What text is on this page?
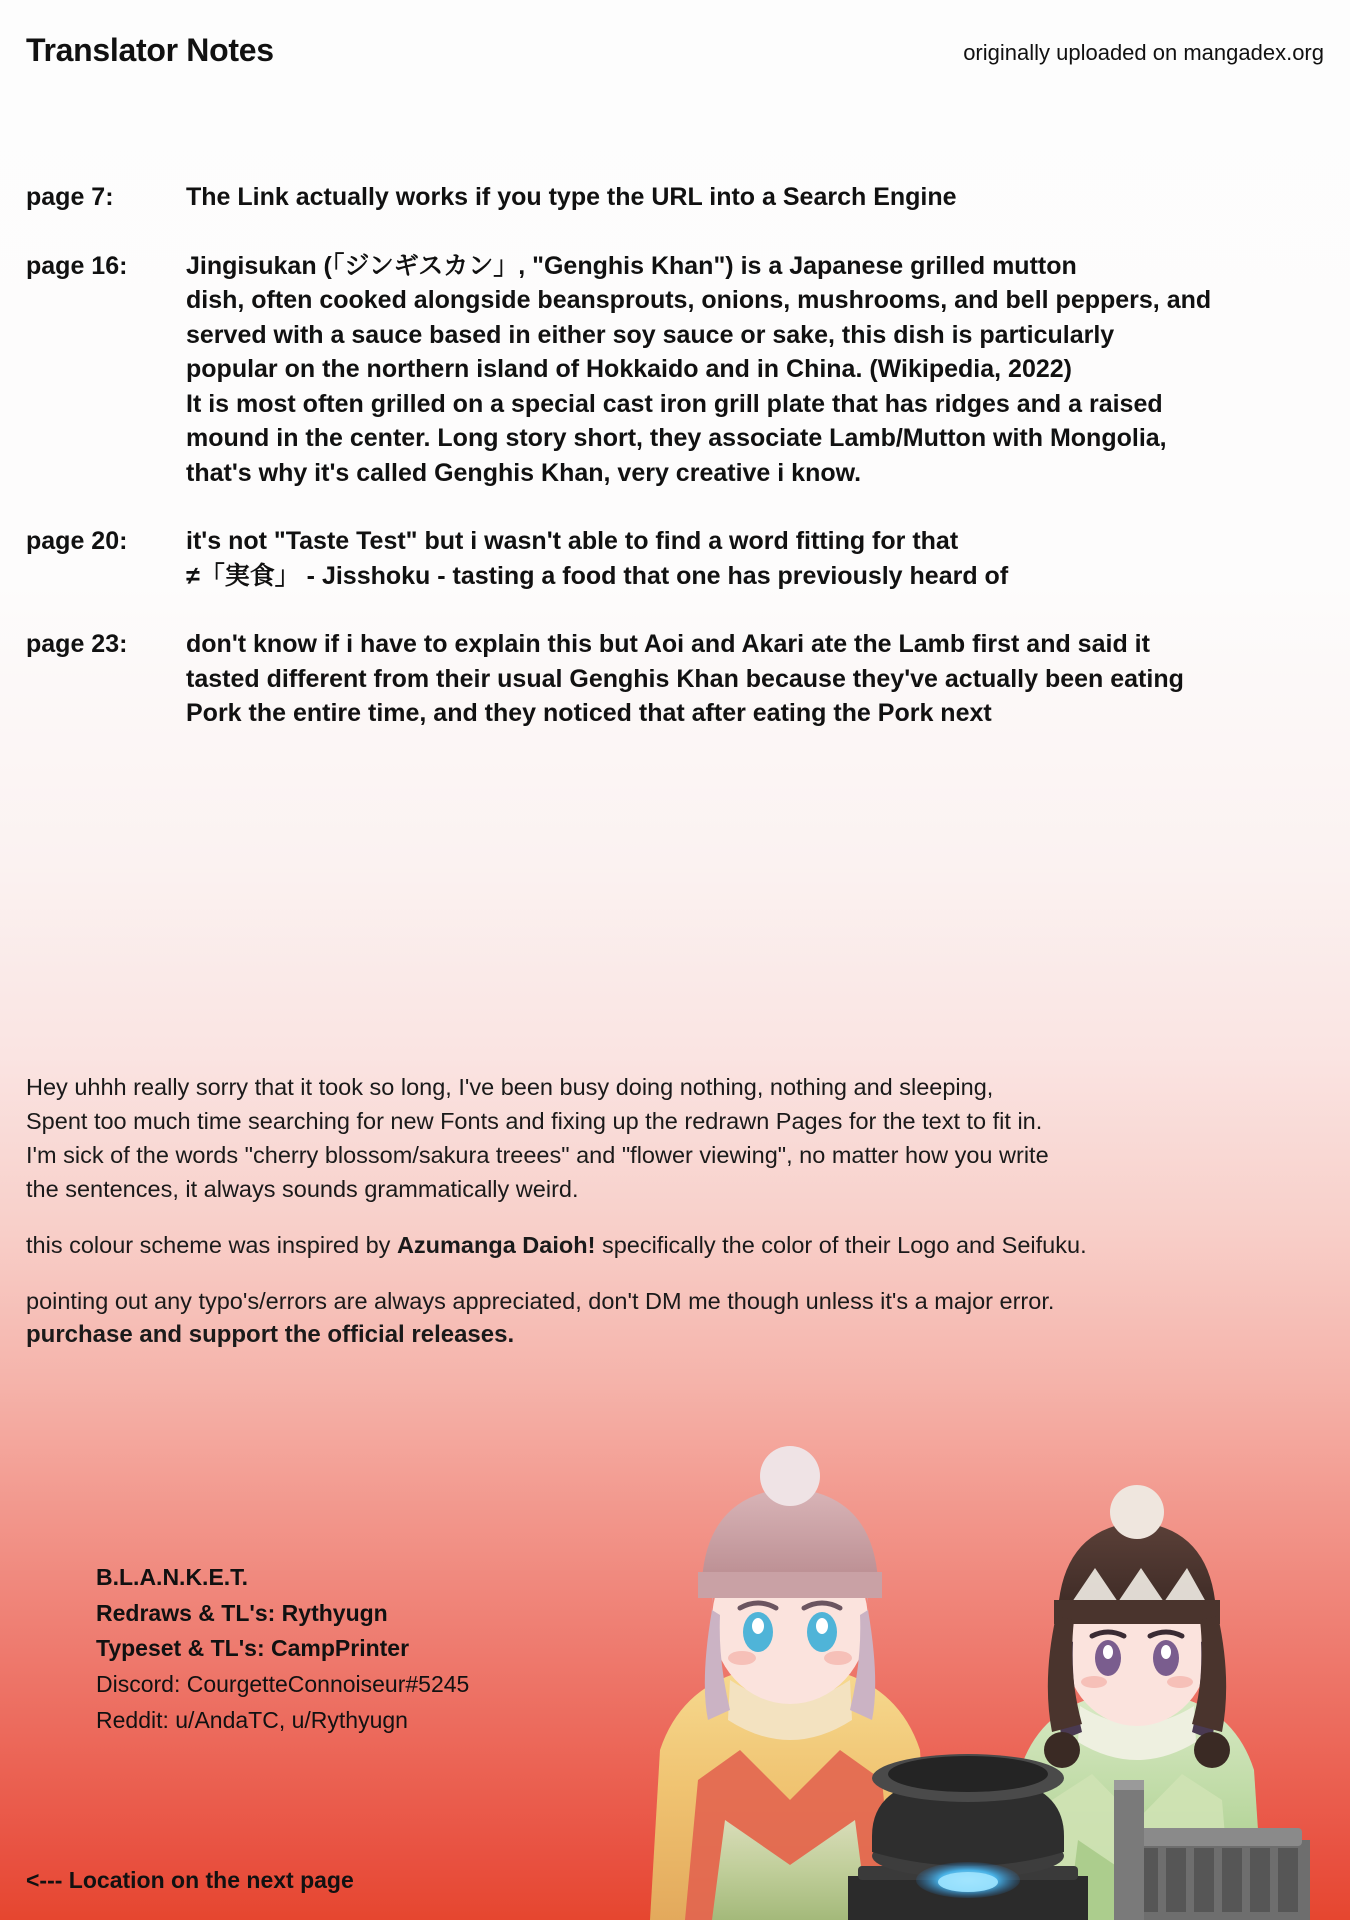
Translator Notes	originally uploaded on mangadex.org
page 7:	The Link actually works if you type the URL into a Search Engine
page 16:	Jingisukan (「ジンギスカン」, "Genghis Khan") is a Japanese grilled mutton
dish, often cooked alongside beansprouts, onions, mushrooms, and bell peppers, and
served with a sauce based in either soy sauce or sake, this dish is particularly
popular on the northern island of Hokkaido and in China. (Wikipedia, 2022)
It is most often grilled on a special cast iron grill plate that has ridges and a raised
mound in the center. Long story short, they associate Lamb/Mutton with Mongolia,
that's why it's called Genghis Khan, very creative i know.
page 20:	it's not "Taste Test" but i wasn't able to find a word fitting for that
≠「実食」 - Jisshoku - tasting a food that one has previously heard of
page 23:	don't know if i have to explain this but Aoi and Akari ate the Lamb first and said it
tasted different from their usual Genghis Khan because they've actually been eating
Pork the entire time, and they noticed that after eating the Pork next
Hey uhhh really sorry that it took so long, I've been busy doing nothing, nothing and sleeping,
Spent too much time searching for new Fonts and fixing up the redrawn Pages for the text to fit in.
I'm sick of the words "cherry blossom/sakura treees" and "flower viewing", no matter how you write
the sentences, it always sounds grammatically weird.
this colour scheme was inspired by Azumanga Daioh! specifically the color of their Logo and Seifuku.
pointing out any typo's/errors are always appreciated, don't DM me though unless it's a major error.
purchase and support the official releases.
B.L.A.N.K.E.T.
Redraws & TL's: Rythyugn
Typeset & TL's: CampPrinter
Discord: CourgetteConnoiseur#5245
Reddit: u/AndaTC, u/Rythyugn
<--- Location on the next page
